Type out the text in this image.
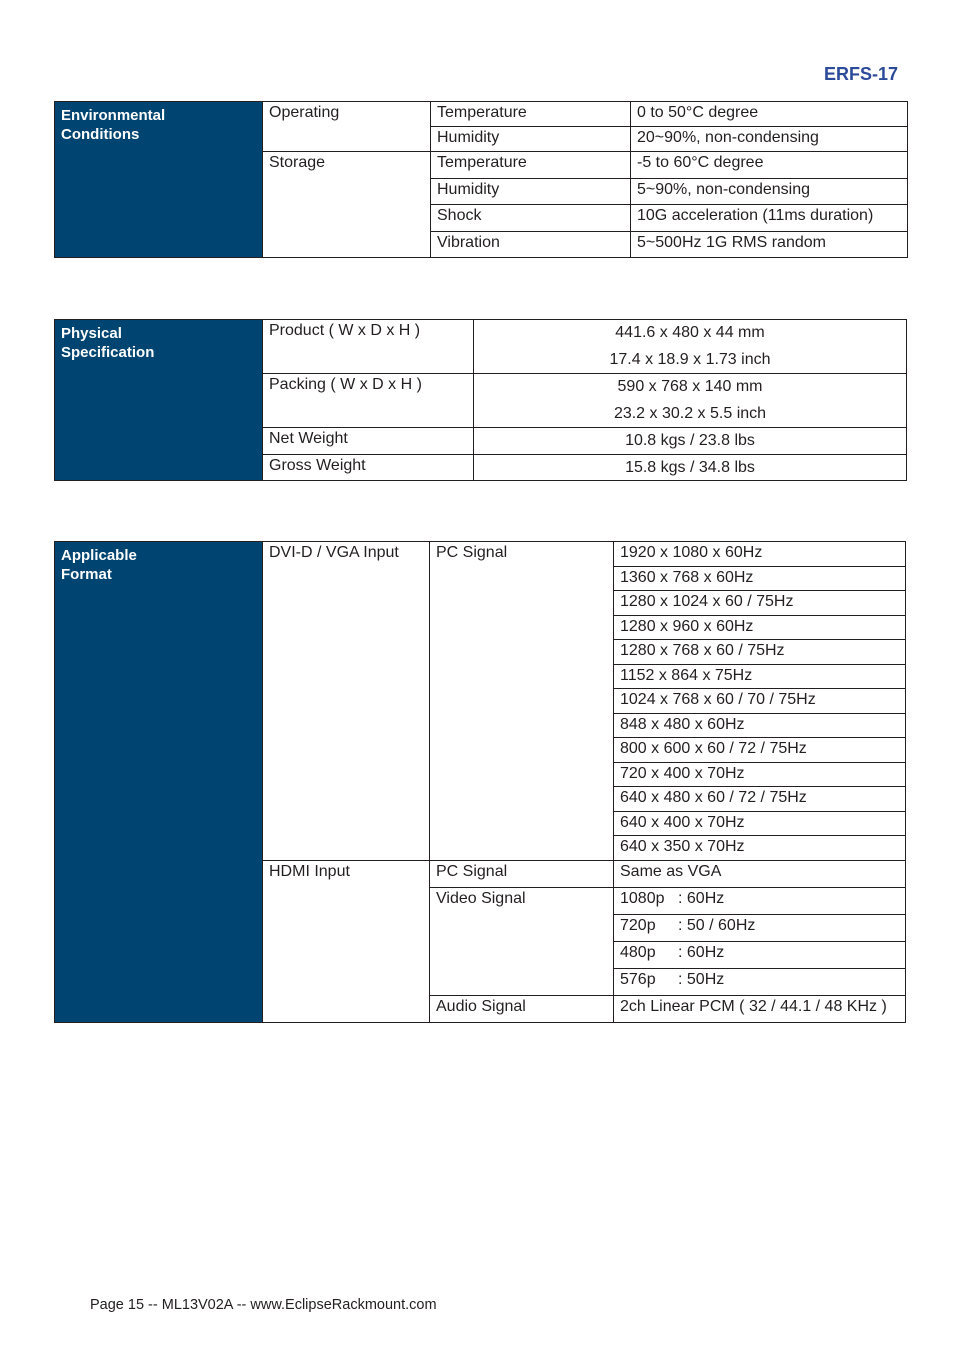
ERFS-17
Environmental
Conditions	Operating	Temperature	0 to 50°C degree
		Humidity	20~90%, non-condensing
	Storage	Temperature	-5 to 60°C degree
		Humidity	5~90%, non-condensing
		Shock	10G acceleration (11ms duration)
		Vibration	5~500Hz 1G RMS random
Physical
Specification	Product ( W x D x H )	441.6 x 480 x 44 mm
		17.4 x 18.9 x 1.73 inch
	Packing ( W x D x H )	590 x 768 x 140 mm
		23.2 x 30.2 x 5.5 inch
	Net Weight	10.8 kgs / 23.8 lbs
	Gross Weight	15.8 kgs / 34.8 lbs
Applicable
Format	DVI-D / VGA Input	PC Signal	1920 x 1080 x 60Hz
			1360 x 768 x 60Hz
			1280 x 1024 x 60 / 75Hz
			1280 x 960 x 60Hz
			1280 x 768 x 60 / 75Hz
			1152 x 864 x 75Hz
			1024 x 768 x 60 / 70 / 75Hz
			848 x 480 x 60Hz
			800 x 600 x 60 / 72 / 75Hz
			720 x 400 x 70Hz
			640 x 480 x 60 / 72 / 75Hz
			640 x 400 x 70Hz
			640 x 350 x 70Hz
	HDMI Input	PC Signal	Same as VGA
		Video Signal	1080p : 60Hz
			720p : 50 / 60Hz
			480p : 60Hz
			576p : 50Hz
		Audio Signal	2ch Linear PCM ( 32 / 44.1 / 48 KHz )
Page 15 -- ML13V02A -- www.EclipseRackmount.com
